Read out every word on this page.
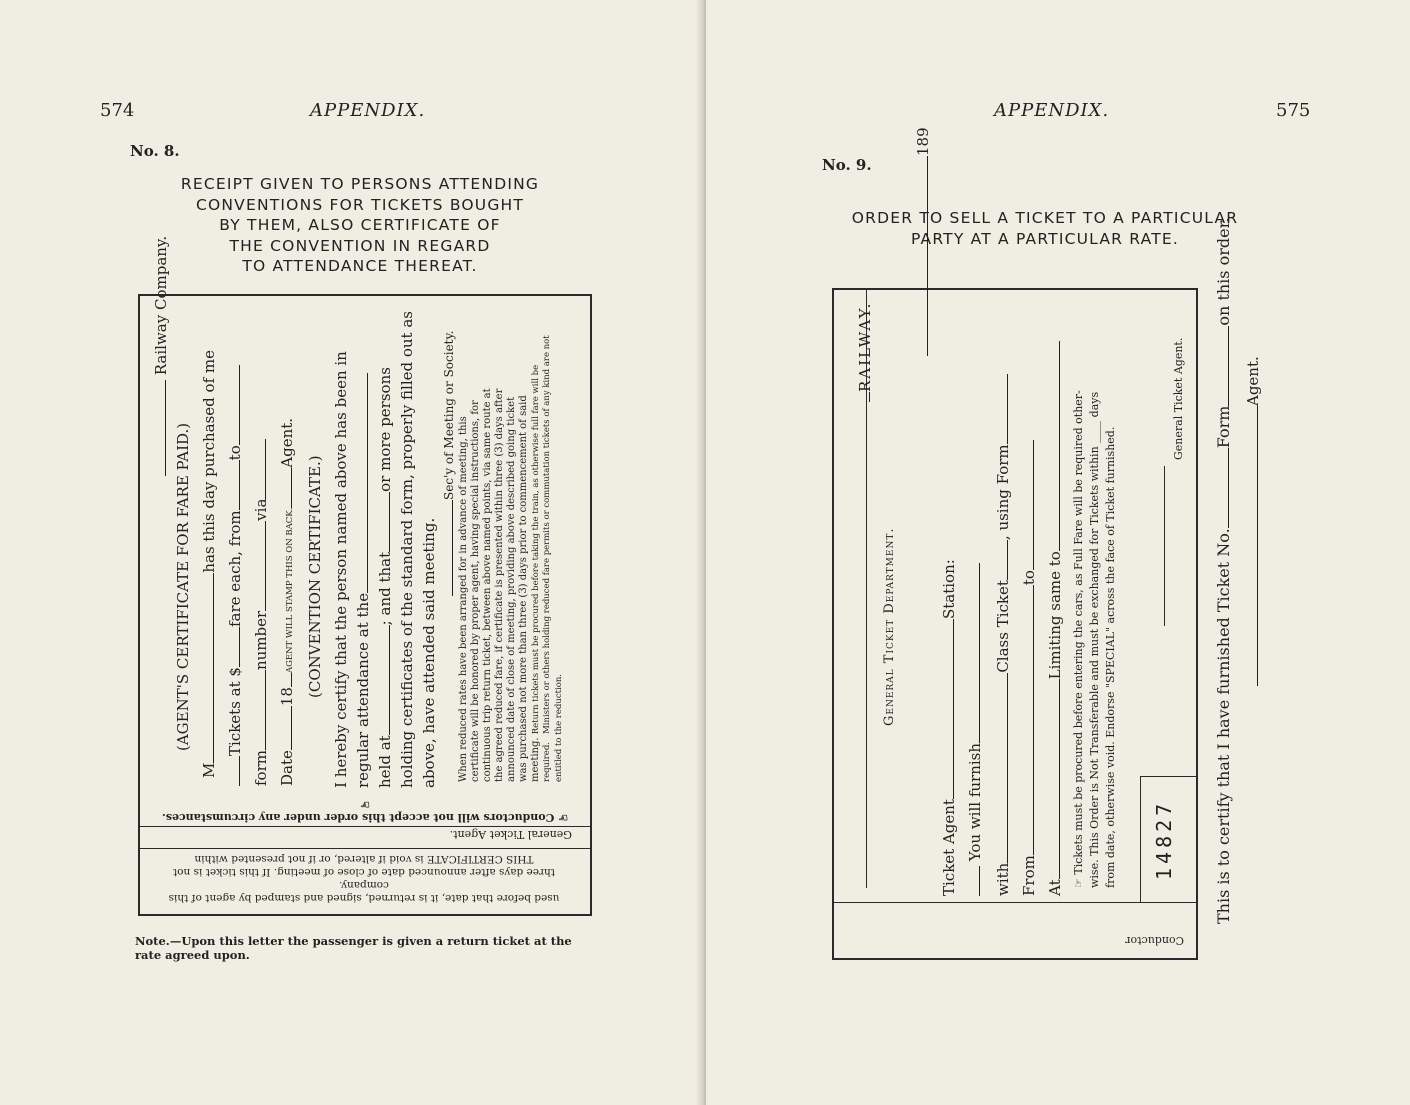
574	APPENDIX.
No. 8.
RECEIPT GIVEN TO PERSONS ATTENDING
CONVENTIONS FOR TICKETS BOUGHT
BY THEM, ALSO CERTIFICATE OF
THE CONVENTION IN REGARD
TO ATTENDANCE THEREAT.
Railway Company.
(AGENT'S CERTIFICATE FOR FARE PAID.)
Mhas this day purchased of me
Tickets at $fare each, fromto
formnumbervia
Date18AGENT WILL STAMP THIS ON BACK.Agent.
(CONVENTION CERTIFICATE.) I hereby certify that the person named above has been in regular attendance at the held at; and thator more persons holding certificates of the standard form, properly filled out as above, have attended said meeting.
Sec'y of Meeting or Society.
When reduced rates have been arranged for in advance of meeting, this certificate will be honored by proper agent, having special instructions, for continuous trip return ticket, between above named points, via same route at the agreed reduced fare, if certificate is presented within three (3) days after announced date of close of meeting, providing above described going ticket was purchased not more than three (3) days prior to commencement of said meeting. Return tickets must be procured before taking the train, as otherwise full fare will be
required.   Ministers or others holding reduced fare permits or commutation tickets of any kind are not entitled to the reduction.
☞ Conductors will not accept this order under any circumstances. ☞
General Ticket Agent.
used before that date, it is returned, signed and stamped by agent of this company.
three days after announced date of close of meeting. If this ticket is not
THIS CERTIFICATE is void if altered, or if not presented within
Note.—Upon this letter the passenger is given a return ticket at the rate agreed upon.
APPENDIX.	575
No. 9.
ORDER TO SELL A TICKET TO A PARTICULAR
PARTY AT A PARTICULAR RATE.
RAILWAY.
General Ticket Department.
189
Ticket AgentStation:
You will furnish
withClass Ticket, using Form
Fromto
AtLimiting same to
☞ Tickets must be procured before entering the cars, as Full Fare will be required other- wise. This Order is Not Transferable and must be exchanged for Tickets within ____ days from date, otherwise void. Endorse "SPECIAL" across the face of Ticket furnished. 14827
General Ticket Agent.
Conductor
This is to certify that I have furnished Ticket No.Formon this order.
Agent.
